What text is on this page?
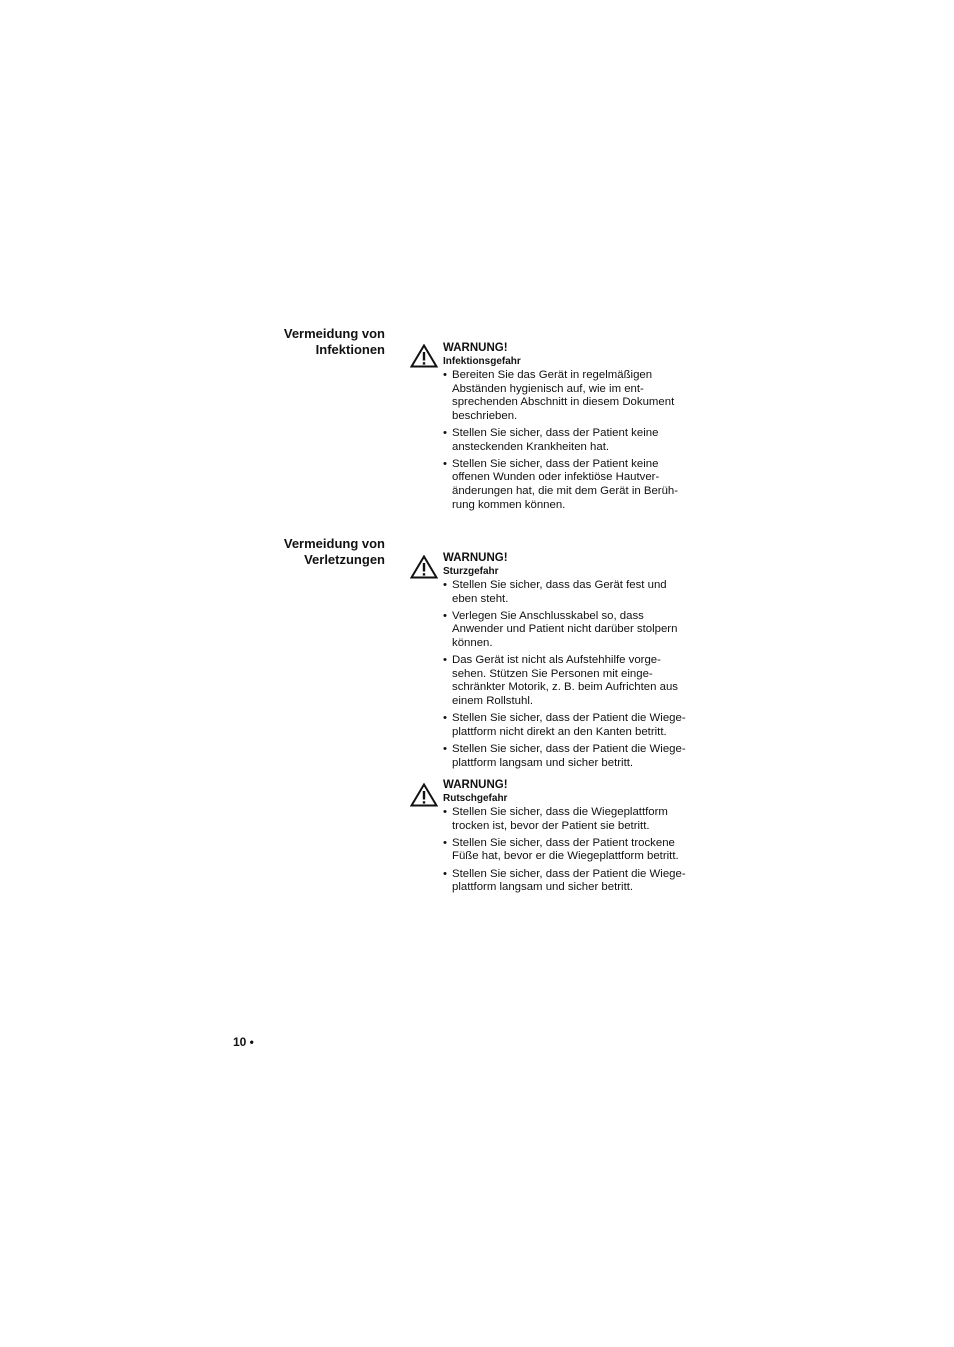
Vermeidung von
Infektionen	WARNUNG!
Infektionsgefahr
• Bereiten Sie das Gerät in regelmäßigen
Abständen hygienisch auf, wie im ent-
sprechenden Abschnitt in diesem Dokument
beschrieben.
• Stellen Sie sicher, dass der Patient keine
ansteckenden Krankheiten hat.
• Stellen Sie sicher, dass der Patient keine
offenen Wunden oder infektiöse Hautver-
änderungen hat, die mit dem Gerät in Berüh-
rung kommen können.
Vermeidung von
Verletzungen	WARNUNG!
Sturzgefahr
• Stellen Sie sicher, dass das Gerät fest und
eben steht.
• Verlegen Sie Anschlusskabel so, dass
Anwender und Patient nicht darüber stolpern
können.
• Das Gerät ist nicht als Aufstehhilfe vorge-
sehen. Stützen Sie Personen mit einge-
schränkter Motorik, z. B. beim Aufrichten aus
einem Rollstuhl.
• Stellen Sie sicher, dass der Patient die Wiege-
plattform nicht direkt an den Kanten betritt.
• Stellen Sie sicher, dass der Patient die Wiege-
plattform langsam und sicher betritt.
WARNUNG!
Rutschgefahr
• Stellen Sie sicher, dass die Wiegeplattform
trocken ist, bevor der Patient sie betritt.
• Stellen Sie sicher, dass der Patient trockene
Füße hat, bevor er die Wiegeplattform betritt.
• Stellen Sie sicher, dass der Patient die Wiege-
plattform langsam und sicher betritt.
10 •
